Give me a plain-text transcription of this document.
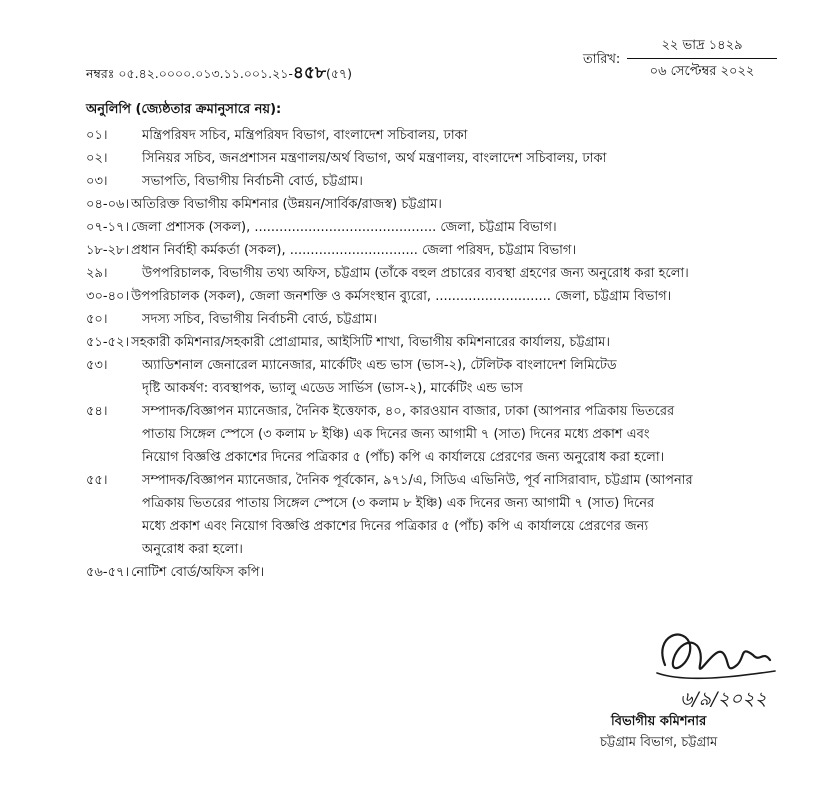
নম্বরঃ ০৫.৪২.০০০০.০১৩.১১.০০১.২১-৪৫৮(৫৭)
তারিখ:
২২ ভাদ্র ১৪২৯
০৬ সেপ্টেম্বর ২০২২
অনুলিপি (জ্যেষ্ঠতার ক্রমানুসারে নয়):
০১।	মন্ত্রিপরিষদ সচিব, মন্ত্রিপরিষদ বিভাগ, বাংলাদেশ সচিবালয়, ঢাকা
০২।	সিনিয়র সচিব, জনপ্রশাসন মন্ত্রণালয়/অর্থ বিভাগ, অর্থ মন্ত্রণালয়, বাংলাদেশ সচিবালয়, ঢাকা
০৩।	সভাপতি, বিভাগীয় নির্বাচনী বোর্ড, চট্টগ্রাম।
০৪-০৬। অতিরিক্ত বিভাগীয় কমিশনার (উন্নয়ন/সার্বিক/রাজস্ব) চট্টগ্রাম।
০৭-১৭। জেলা প্রশাসক (সকল), ............................................ জেলা, চট্টগ্রাম বিভাগ।
১৮-২৮। প্রধান নির্বাহী কর্মকর্তা (সকল), ............................... জেলা পরিষদ, চট্টগ্রাম বিভাগ।
২৯।	উপপরিচালক, বিভাগীয় তথ্য অফিস, চট্টগ্রাম (তাঁকে বহুল প্রচারের ব্যবস্থা গ্রহণের জন্য অনুরোধ করা হলো।
৩০-৪০। উপপরিচালক (সকল), জেলা জনশক্তি ও কর্মসংস্থান ব্যুরো, ............................ জেলা, চট্টগ্রাম বিভাগ।
৫০।	সদস্য সচিব, বিভাগীয় নির্বাচনী বোর্ড, চট্টগ্রাম।
৫১-৫২। সহকারী কমিশনার/সহকারী প্রোগ্রামার, আইসিটি শাখা, বিভাগীয় কমিশনারের কার্যালয়, চট্টগ্রাম।
৫৩।	অ্যাডিশনাল জেনারেল ম্যানেজার, মার্কেটিং এন্ড ভাস (ভাস-২), টেলিটক বাংলাদেশ লিমিটেড
দৃষ্টি আকর্ষণ: ব্যবস্থাপক, ভ্যালু এডেড সার্ভিস (ভাস-২), মার্কেটিং এন্ড ভাস
৫৪।	সম্পাদক/বিজ্ঞাপন ম্যানেজার, দৈনিক ইত্তেফাক, ৪০, কারওয়ান বাজার, ঢাকা (আপনার পত্রিকায় ভিতরের
পাতায় সিঙ্গেল স্পেসে (৩ কলাম ৮ ইঞ্চি) এক দিনের জন্য আগামী ৭ (সাত) দিনের মধ্যে প্রকাশ এবং
নিয়োগ বিজ্ঞপ্তি প্রকাশের দিনের পত্রিকার ৫ (পাঁচ) কপি এ কার্যালয়ে প্রেরণের জন্য অনুরোধ করা হলো।
৫৫।	সম্পাদক/বিজ্ঞাপন ম্যানেজার, দৈনিক পূর্বকোন, ৯৭১/এ, সিডিএ এভিনিউ, পূর্ব নাসিরাবাদ, চট্টগ্রাম (আপনার
পত্রিকায় ভিতরের পাতায় সিঙ্গেল স্পেসে (৩ কলাম ৮ ইঞ্চি) এক দিনের জন্য আগামী ৭ (সাত) দিনের
মধ্যে প্রকাশ এবং নিয়োগ বিজ্ঞপ্তি প্রকাশের দিনের পত্রিকার ৫ (পাঁচ) কপি এ কার্যালয়ে প্রেরণের জন্য
অনুরোধ করা হলো।
৫৬-৫৭। নোটিশ বোর্ড/অফিস কপি।
৬/৯/২০২২
বিভাগীয় কমিশনার
চট্টগ্রাম বিভাগ, চট্টগ্রাম
